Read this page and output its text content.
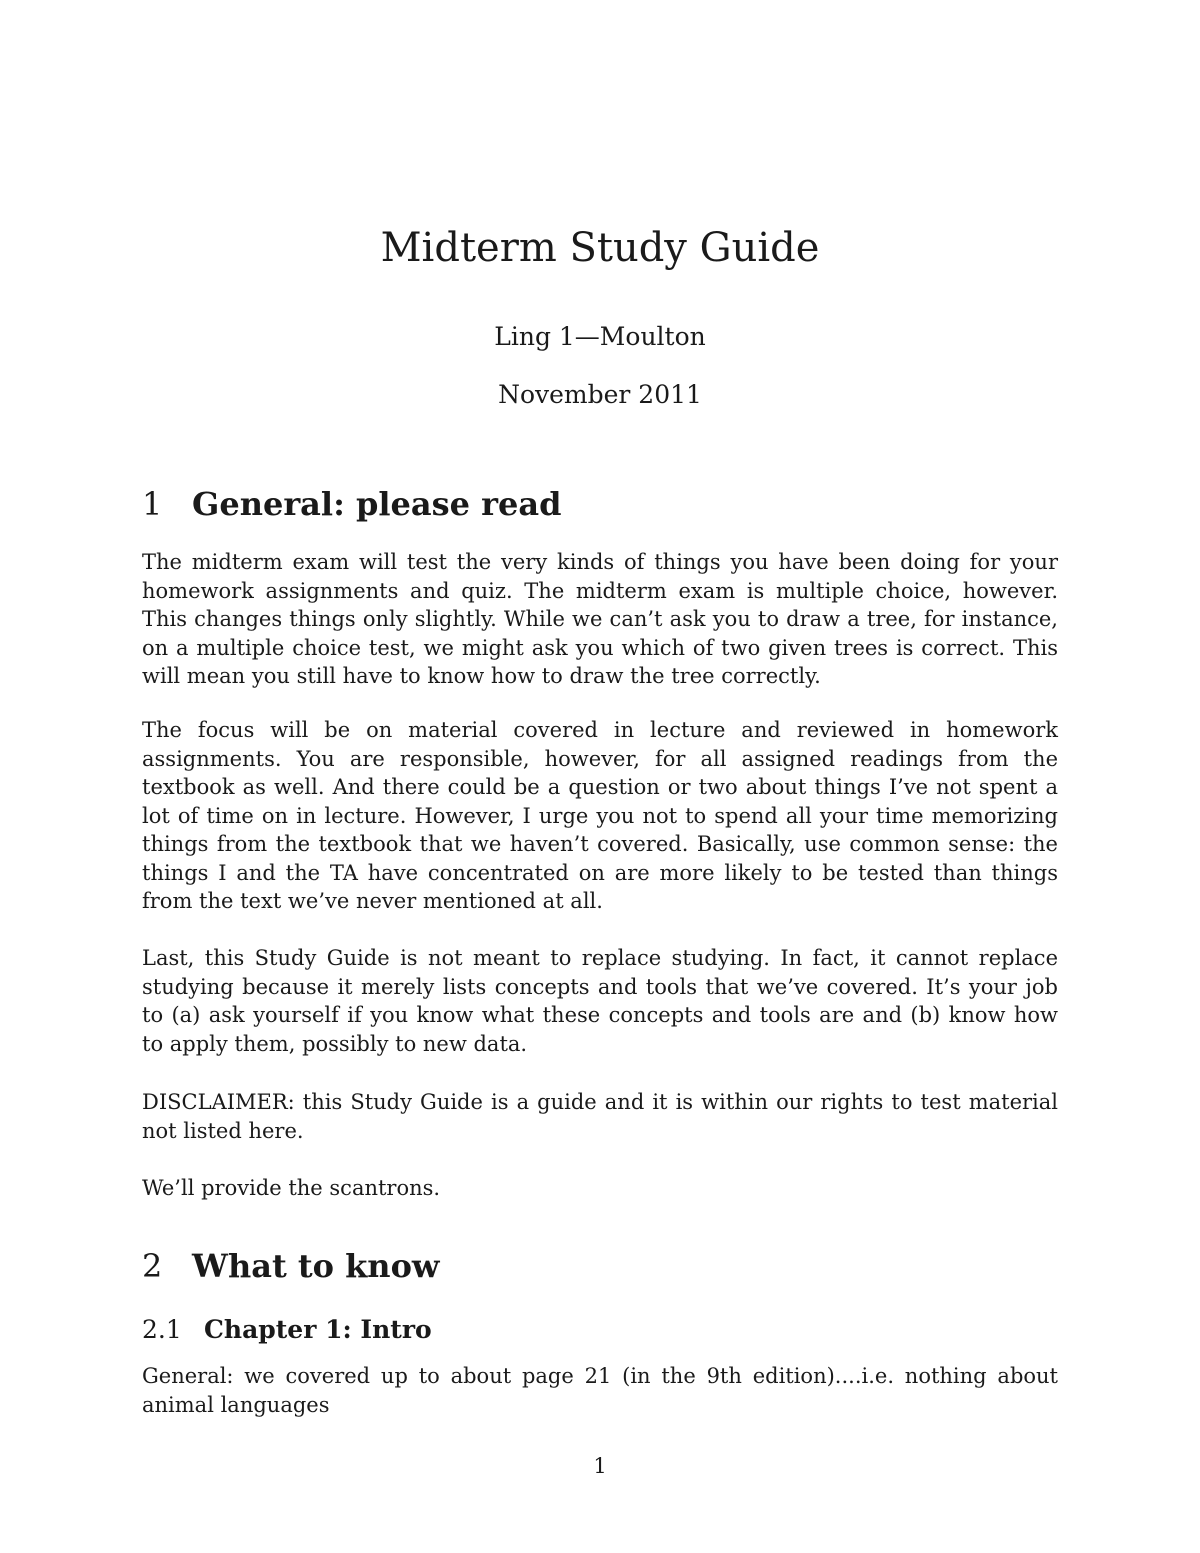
Midterm Study Guide
Ling 1—Moulton
November 2011
1 General: please read

The midterm exam will test the very kinds of things you have been doing for your homework assignments and quiz. The midterm exam is multiple choice, however. This changes things only slightly. While we can’t ask you to draw a tree, for instance, on a multiple choice test, we might ask you which of two given trees is correct. This will mean you still have to know how to draw the tree correctly.

The focus will be on material covered in lecture and reviewed in homework assignments. You are responsible, however, for all assigned readings from the textbook as well. And there could be a question or two about things I’ve not spent a lot of time on in lecture. However, I urge you not to spend all your time memorizing things from the textbook that we haven’t covered. Basically, use common sense: the things I and the TA have concentrated on are more likely to be tested than things from the text we’ve never mentioned at all.

Last, this Study Guide is not meant to replace studying. In fact, it cannot replace studying because it merely lists concepts and tools that we’ve covered. It’s your job to (a) ask yourself if you know what these concepts and tools are and (b) know how to apply them, possibly to new data.

DISCLAIMER: this Study Guide is a guide and it is within our rights to test material not listed here.

We’ll provide the scantrons.

2 What to know
2.1 Chapter 1: Intro

General: we covered up to about page 21 (in the 9th edition)....i.e. nothing about animal languages

1
